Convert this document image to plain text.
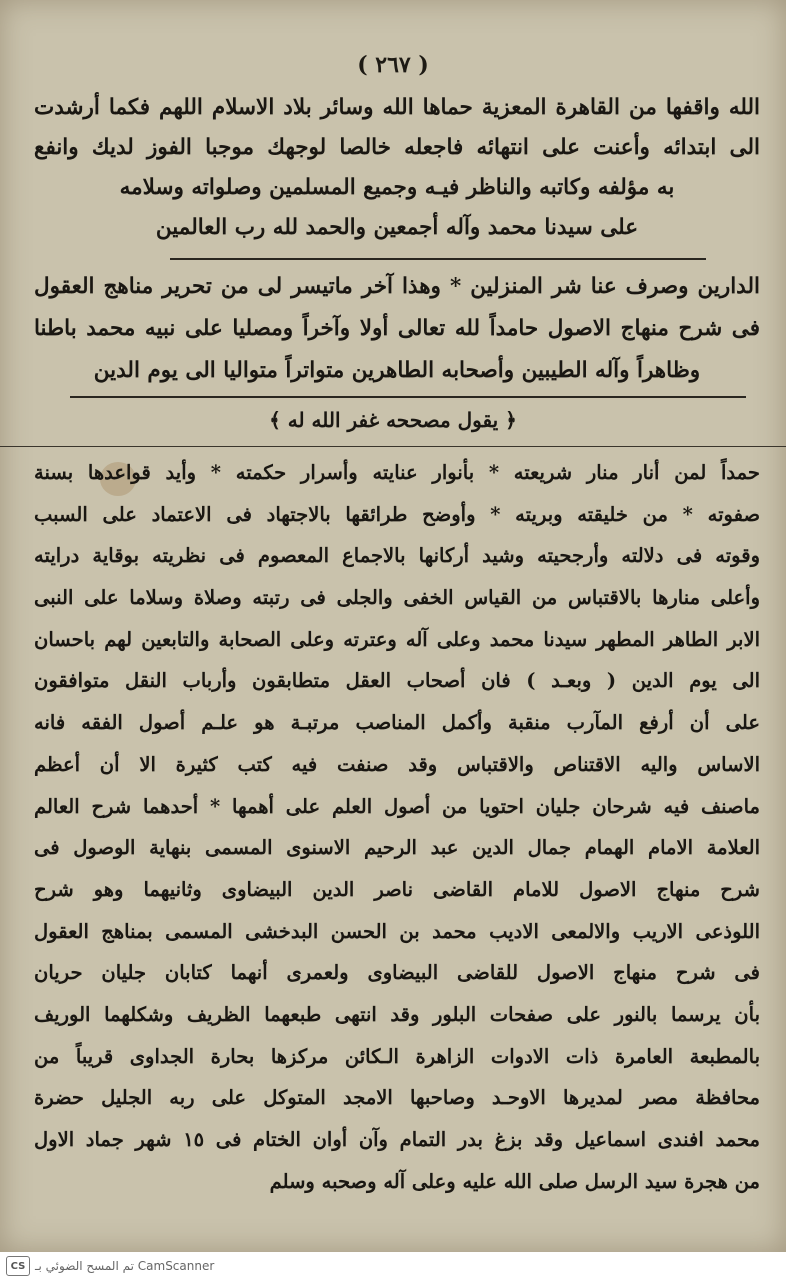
( ٢٦٧ )
الله واقفها من القاهرة المعزية حماها الله وسائر بلاد الاسلام اللهم فكما أرشدت
الى ابتدائه وأعنت على انتهائه فاجعله خالصا لوجهك موجبا الفوز لديك وانفع
به مؤلفه وكاتبه والناظر فيـه وجميع المسلمين وصلواته وسلامه
على سيدنا محمد وآله أجمعين والحمد لله رب العالمين
الدارين وصرف عنا شر المنزلين * وهذا آخر ماتيسر لى من تحرير مناهج العقول
فى شرح منهاج الاصول حامداً لله تعالى أولا وآخراً ومصليا على نبيه محمد باطنا
وظاهراً وآله الطيبين وأصحابه الطاهرين متواتراً متواليا الى يوم الدين
﴿ يقول مصححه غفر الله له ﴾
حمداً لمن أنار منار شريعته * بأنوار عنايته وأسرار حكمته * وأيد قواعدها بسنة
صفوته * من خليقته وبريته * وأوضح طرائقها بالاجتهاد فى الاعتماد على السبب
وقوته فى دلالته وأرجحيته وشيد أركانها بالاجماع المعصوم فى نظريته بوقاية درايته
وأعلى منارها بالاقتباس من القياس الخفى والجلى فى رتبته وصلاة وسلاما على النبى
الابر الطاهر المطهر سيدنا محمد وعلى آله وعترته وعلى الصحابة والتابعين لهم باحسان
الى يوم الدين ( وبعـد ) فان أصحاب العقل متطابقون وأرباب النقل متوافقون
على أن أرفع المآرب منقبة وأكمل المناصب مرتبـة هو علـم أصول الفقه فانه
الاساس واليه الاقتناص والاقتباس وقد صنفت فيه كتب كثيرة الا أن أعظم
ماصنف فيه شرحان جليان احتويا من أصول العلم على أهمها * أحدهما شرح العالم
العلامة الامام الهمام جمال الدين عبد الرحيم الاسنوى المسمى بنهاية الوصول فى
شرح منهاج الاصول للامام القاضى ناصر الدين البيضاوى وثانيهما وهو شرح
اللوذعى الاريب والالمعى الاديب محمد بن الحسن البدخشى المسمى بمناهج العقول
فى شرح منهاج الاصول للقاضى البيضاوى ولعمرى أنهما كتابان جليان حريان
بأن يرسما بالنور على صفحات البلور وقد انتهى طبعهما الظريف وشكلهما الوريف
بالمطبعة العامرة ذات الادوات الزاهرة الـكائن مركزها بحارة الجداوى قريباً من
محافظة مصر لمديرها الاوحـد وصاحبها الامجد المتوكل على ربه الجليل حضرة
محمد افندى اسماعيل وقد بزغ بدر التمام وآن أوان الختام فى ١٥ شهر جماد الاول
من هجرة سيد الرسل صلى الله عليه وعلى آله وصحبه وسلم
CS تم المسح الضوئي بـ CamScanner
